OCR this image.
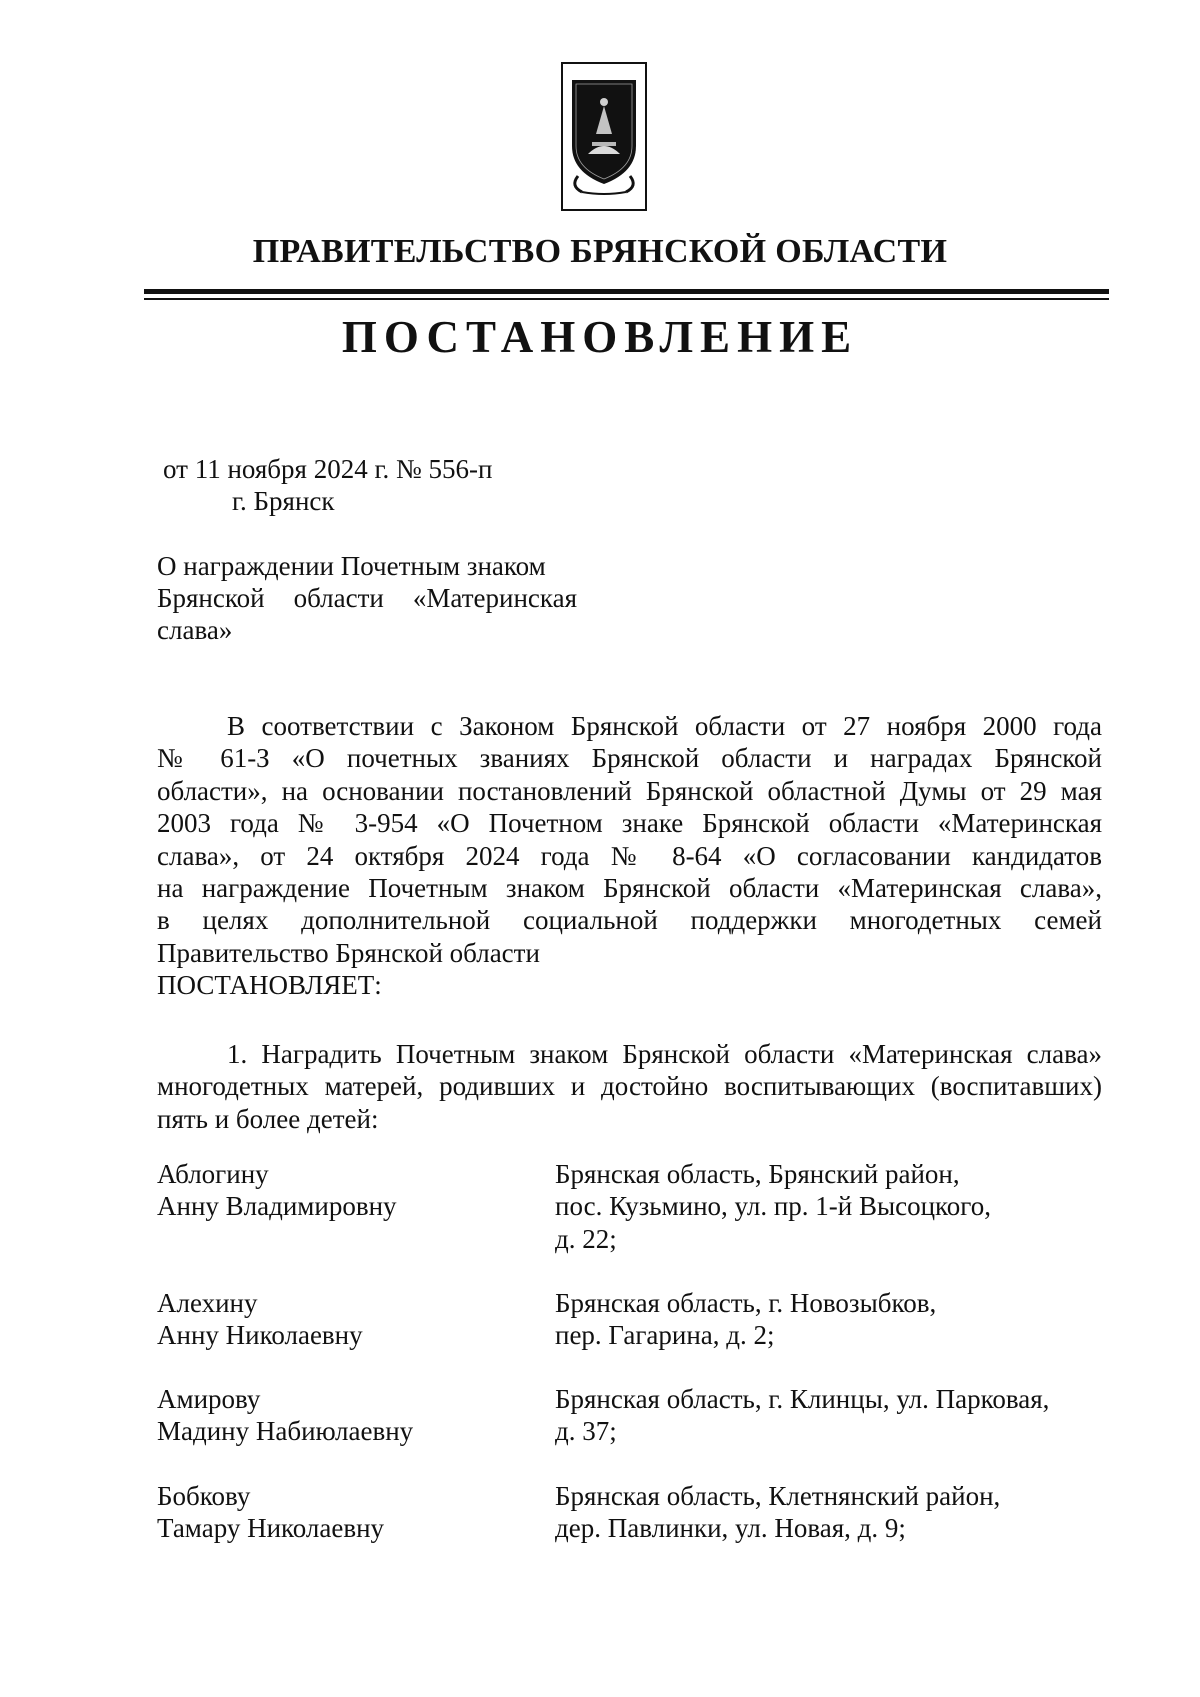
ПРАВИТЕЛЬСТВО БРЯНСКОЙ ОБЛАСТИ
ПОСТАНОВЛЕНИЕ
от 11 ноября 2024 г. № 556-п
г. Брянск
О награждении Почетным знаком
Брянской области «Материнская
слава»
В соответствии с Законом Брянской области от 27 ноября 2000 года
№ 61-З «О почетных званиях Брянской области и наградах Брянской
области», на основании постановлений Брянской областной Думы от 29 мая
2003 года № 3-954 «О Почетном знаке Брянской области «Материнская
слава», от 24 октября 2024 года № 8-64 «О согласовании кандидатов
на награждение Почетным знаком Брянской области «Материнская слава»,
в целях дополнительной социальной поддержки многодетных семей
Правительство Брянской области
ПОСТАНОВЛЯЕТ:
1. Наградить Почетным знаком Брянской области «Материнская слава»
многодетных матерей, родивших и достойно воспитывающих (воспитавших)
пять и более детей:
Аблогину
Анну Владимировну
Брянская область, Брянский район,
пос. Кузьмино, ул. пр. 1-й Высоцкого,
д. 22;
Алехину
Анну Николаевну
Брянская область, г. Новозыбков,
пер. Гагарина, д. 2;
Амирову
Мадину Набиюлаевну
Брянская область, г. Клинцы, ул. Парковая,
д. 37;
Бобкову
Тамару Николаевну
Брянская область, Клетнянский район,
дер. Павлинки, ул. Новая, д. 9;
